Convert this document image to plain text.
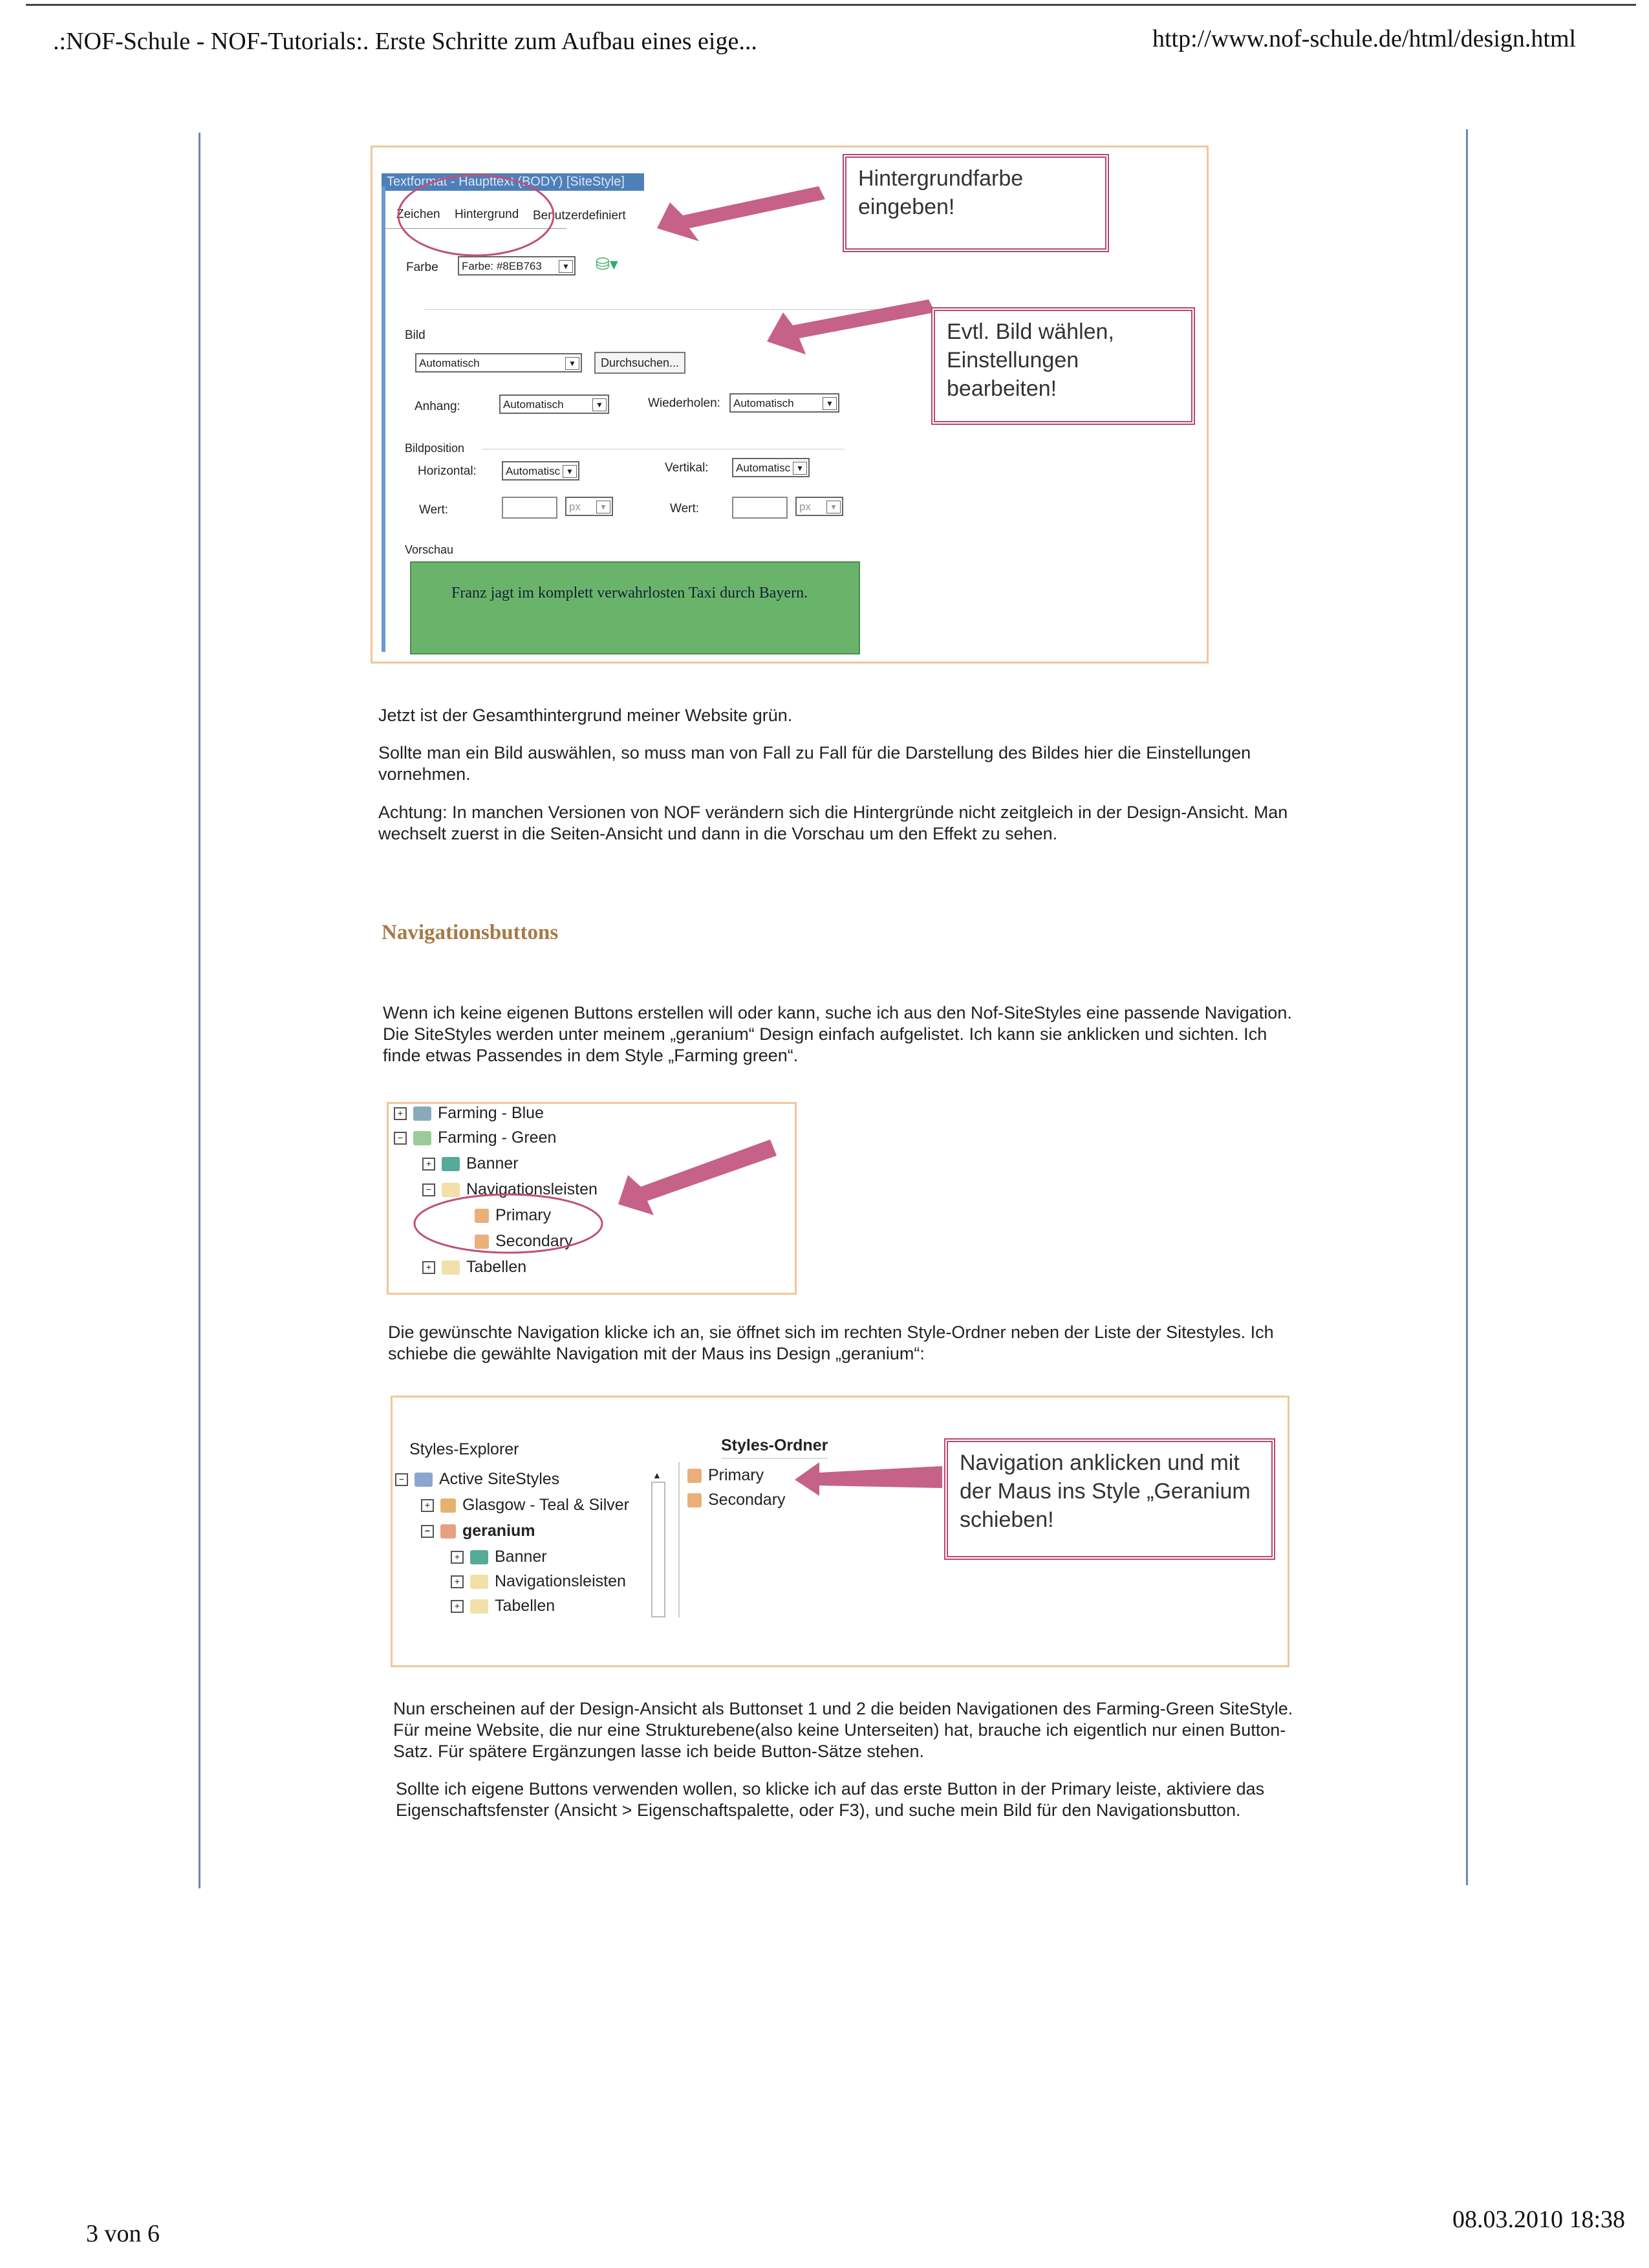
.:NOF-Schule - NOF-Tutorials:. Erste Schritte zum Aufbau eines eige...	http://www.nof-schule.de/html/design.html
Textformat - Haupttext (BODY) [SiteStyle]
Zeichen Hintergrund Benutzerdefiniert
Farbe	Farbe: #8EB763	▼ ⛁▾
Bild
Automatisch	▼	Durchsuchen...
Anhang:	Automatisch	▼	Wiederholen:	Automatisch	▼
Bildposition
Horizontal:	Automatisc ▼	Vertikal:	Automatisc ▼
Wert:	px	▼	Wert:	px	▼
Vorschau
Franz jagt im komplett verwahrlosten Taxi durch Bayern.
Hintergrundfarbe eingeben!
Evtl. Bild wählen, Einstellungen bearbeiten!
Jetzt ist der Gesamthintergrund meiner Website grün.
Sollte man ein Bild auswählen, so muss man von Fall zu Fall für die Darstellung des Bildes hier die Einstellungen vornehmen.
Achtung: In manchen Versionen von NOF verändern sich die Hintergründe nicht zeitgleich in der Design-Ansicht. Man wechselt zuerst in die Seiten-Ansicht und dann in die Vorschau um den Effekt zu sehen.
Navigationsbuttons
Wenn ich keine eigenen Buttons erstellen will oder kann, suche ich aus den Nof-SiteStyles eine passende Navigation. Die SiteStyles werden unter meinem „geranium“ Design einfach aufgelistet. Ich kann sie anklicken und sichten. Ich finde etwas Passendes in dem Style „Farming green“.
+ Farming - Blue
− Farming - Green
+ Banner
− Navigationsleisten
Primary
Secondary
+ Tabellen
Die gewünschte Navigation klicke ich an, sie öffnet sich im rechten Style-Ordner neben der Liste der Sitestyles. Ich schiebe die gewählte Navigation mit der Maus ins Design „geranium“:
Styles-Explorer
− Active SiteStyles
+ Glasgow - Teal & Silver
− geranium
+ Banner
+ Navigationsleisten
+ Tabellen
▲
Styles-Ordner
Primary
Secondary
Navigation anklicken und mit der Maus ins Style „Geranium schieben!
Nun erscheinen auf der Design-Ansicht als Buttonset 1 und 2 die beiden Navigationen des Farming-Green SiteStyle. Für meine Website, die nur eine Strukturebene(also keine Unterseiten) hat, brauche ich eigentlich nur einen Button-Satz. Für spätere Ergänzungen lasse ich beide Button-Sätze stehen.
Sollte ich eigene Buttons verwenden wollen, so klicke ich auf das erste Button in der Primary leiste, aktiviere das Eigenschaftsfenster (Ansicht > Eigenschaftspalette, oder F3), und suche mein Bild für den Navigationsbutton.
3 von 6
08.03.2010 18:38
